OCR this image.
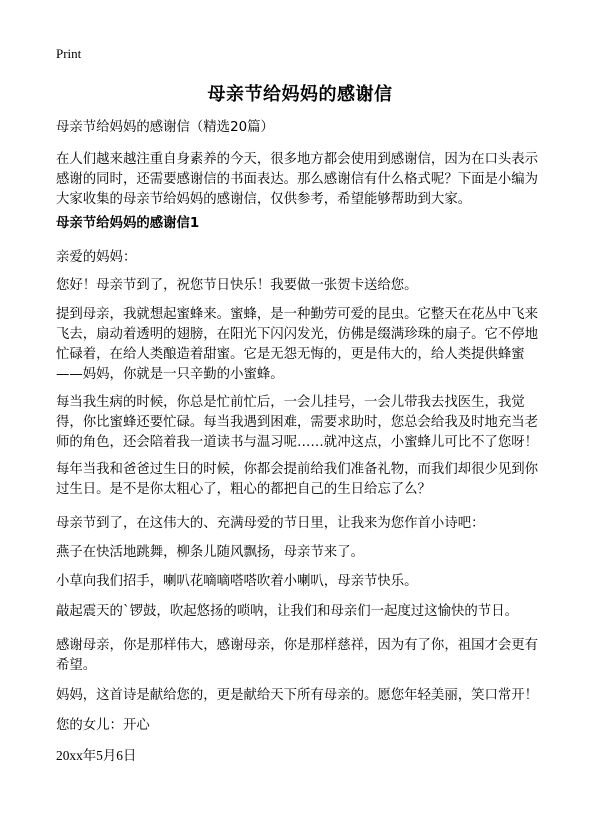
Print
母亲节给妈妈的感谢信
母亲节给妈妈的感谢信（精选20篇）
在人们越来越注重自身素养的今天，很多地方都会使用到感谢信，因为在口头表示感谢的同时，还需要感谢信的书面表达。那么感谢信有什么格式呢？下面是小编为大家收集的母亲节给妈妈的感谢信，仅供参考，希望能够帮助到大家。
母亲节给妈妈的感谢信1
亲爱的妈妈：
您好！母亲节到了，祝您节日快乐！我要做一张贺卡送给您。
提到母亲，我就想起蜜蜂来。蜜蜂，是一种勤劳可爱的昆虫。它整天在花丛中飞来飞去，扇动着透明的翅膀，在阳光下闪闪发光，仿佛是缀满珍珠的扇子。它不停地忙碌着，在给人类酿造着甜蜜。它是无怨无悔的，更是伟大的，给人类提供蜂蜜——妈妈，你就是一只辛勤的小蜜蜂。
每当我生病的时候，你总是忙前忙后，一会儿挂号，一会儿带我去找医生，我觉得，你比蜜蜂还要忙碌。每当我遇到困难，需要求助时，您总会给我及时地充当老师的角色，还会陪着我一道读书与温习呢……就冲这点，小蜜蜂儿可比不了您呀！
每年当我和爸爸过生日的时候，你都会提前给我们准备礼物，而我们却很少见到你过生日。是不是你太粗心了，粗心的都把自己的生日给忘了么？
母亲节到了，在这伟大的、充满母爱的节日里，让我来为您作首小诗吧：
燕子在快活地跳舞，柳条儿随风飘扬，母亲节来了。
小草向我们招手，喇叭花嘀嘀嗒嗒吹着小喇叭，母亲节快乐。
敲起震天的`锣鼓，吹起悠扬的唢呐，让我们和母亲们一起度过这愉快的节日。
感谢母亲，你是那样伟大，感谢母亲，你是那样慈祥，因为有了你，祖国才会更有希望。
妈妈，这首诗是献给您的，更是献给天下所有母亲的。愿您年轻美丽，笑口常开！
您的女儿：开心
20xx年5月6日
